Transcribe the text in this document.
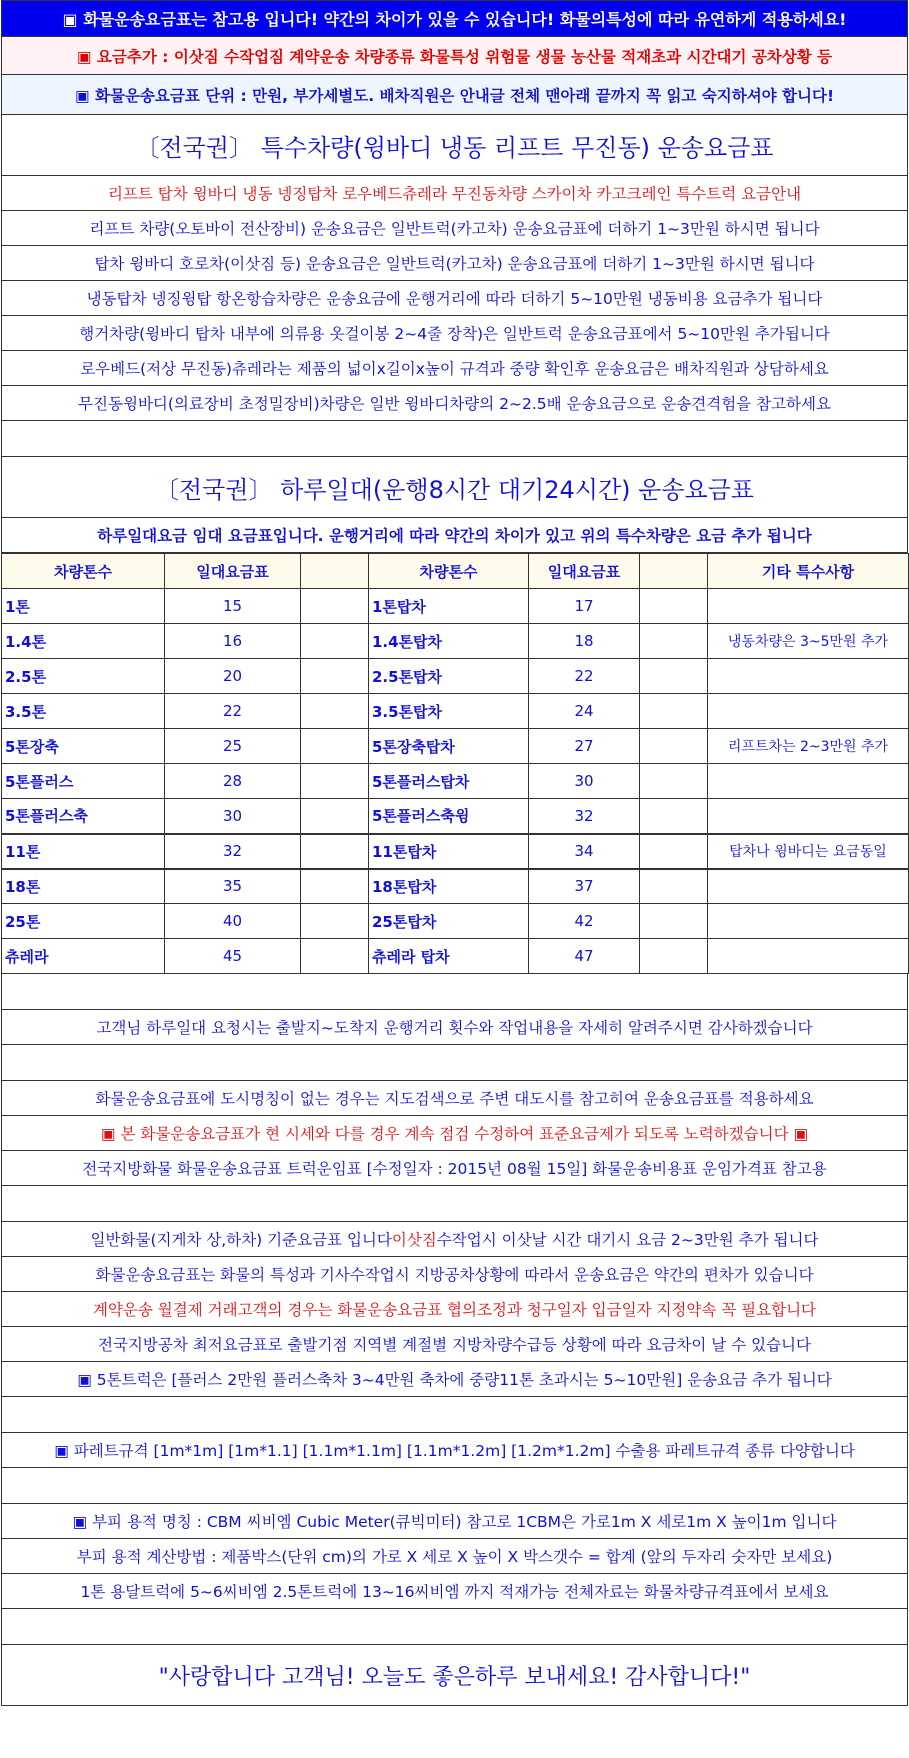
▣ 화물운송요금표는 참고용 입니다! 약간의 차이가 있을 수 있습니다! 화물의특성에 따라 유연하게 적용하세요!
▣ 요금추가 : 이삿짐 수작업짐 계약운송 차량종류 화물특성 위험물 생물 농산물 적재초과 시간대기 공차상황 등
▣ 화물운송요금표 단위 : 만원, 부가세별도. 배차직원은 안내글 전체 맨아래 끝까지 꼭 읽고 숙지하셔야 합니다!
〔전국권〕 특수차량(윙바디 냉동 리프트 무진동) 운송요금표
리프트 탑차 윙바디 냉동 넹징탑차 로우베드츄레라 무진동차량 스카이차 카고크레인 특수트럭 요금안내
리프트 차량(오토바이 전산장비) 운송요금은 일반트럭(카고차) 운송요금표에 더하기 1~3만원 하시면 됩니다
탑차 윙바디 호로차(이삿짐 등) 운송요금은 일반트럭(카고차) 운송요금표에 더하기 1~3만원 하시면 됩니다
냉동탑차 넹징윙탑 항온항습차량은 운송요금에 운행거리에 따라 더하기 5~10만원 냉동비용 요금추가 됩니다
행거차량(윙바디 탑차 내부에 의류용 옷걸이봉 2~4줄 장착)은 일반트럭 운송요금표에서 5~10만원 추가됩니다
로우베드(저상 무진동)츄레라는 제품의 넓이x길이x높이 규격과 중량 확인후 운송요금은 배차직원과 상담하세요
무진동윙바디(의료장비 초정밀장비)차량은 일반 윙바디차량의 2~2.5배 운송요금으로 운송견격험을 참고하세요
〔전국권〕 하루일대(운행8시간 대기24시간) 운송요금표
하루일대요금 임대 요금표입니다. 운행거리에 따라 약간의 차이가 있고 위의 특수차량은 요금 추가 됩니다
차량톤수	일대요금표		차량톤수	일대요금표		기타 특수사항
1톤	15		1톤탑차	17		
1.4톤	16		1.4톤탑차	18		냉동차량은 3~5만원 추가
2.5톤	20		2.5톤탑차	22		
3.5톤	22		3.5톤탑차	24		
5톤장축	25		5톤장축탑차	27		리프트차는 2~3만원 추가
5톤플러스	28		5톤플러스탑차	30		
5톤플러스축	30		5톤플러스축윙	32		
11톤	32		11톤탑차	34		탑차나 윙바디는 요금동일
18톤	35		18톤탑차	37		
25톤	40		25톤탑차	42		
츄레라	45		츄레라 탑차	47		
고객님 하루일대 요청시는 출발지~도착지 운행거리 횟수와 작업내용을 자세히 알려주시면 감사하겠습니다
화물운송요금표에 도시명칭이 없는 경우는 지도검색으로 주변 대도시를 참고히여 운송요금표를 적용하세요
▣ 본 화물운송요금표가 현 시세와 다를 경우 계속 점검 수정하여 표준요금제가 되도록 노력하겠습니다 ▣
전국지방화물 화물운송요금표 트럭운임표 [수정일자 : 2015년 08월 15일] 화물운송비용표 운임가격표 참고용
일반화물(지게차 상,하차) 기준요금표 입니다 이삿짐 수작업시 이삿날 시간 대기시 요금 2~3만원 추가 됩니다
화물운송요금표는 화물의 특성과 기사수작업시 지방공차상황에 따라서 운송요금은 약간의 편차가 있습니다
계약운송 월결제 거래고객의 경우는 화물운송요금표 협의조정과 청구일자 입금일자 지정약속 꼭 필요합니다
전국지방공차 최저요금표로 출발기점 지역별 계절별 지방차량수급등 상황에 따라 요금차이 날 수 있습니다
▣ 5톤트럭은 [플러스 2만원 플러스축차 3~4만원 축차에 중량11톤 초과시는 5~10만원] 운송요금 추가 됩니다
▣ 파레트규격 [1m*1m] [1m*1.1] [1.1m*1.1m] [1.1m*1.2m] [1.2m*1.2m] 수출용 파레트규격 종류 다양합니다
▣ 부피 용적 명칭 : CBM 씨비엠 Cubic Meter(큐빅미터) 참고로 1CBM은 가로1m X 세로1m X 높이1m 입니다
부피 용적 계산방법 : 제품박스(단위 cm)의 가로 X 세로 X 높이 X 박스갯수 = 합계 (앞의 두자리 숫자만 보세요)
1톤 용달트럭에 5~6씨비엠 2.5톤트럭에 13~16씨비엠 까지 적재가능 전체자료는 화물차량규격표에서 보세요
"사랑합니다 고객님! 오늘도 좋은하루 보내세요! 감사합니다!"
